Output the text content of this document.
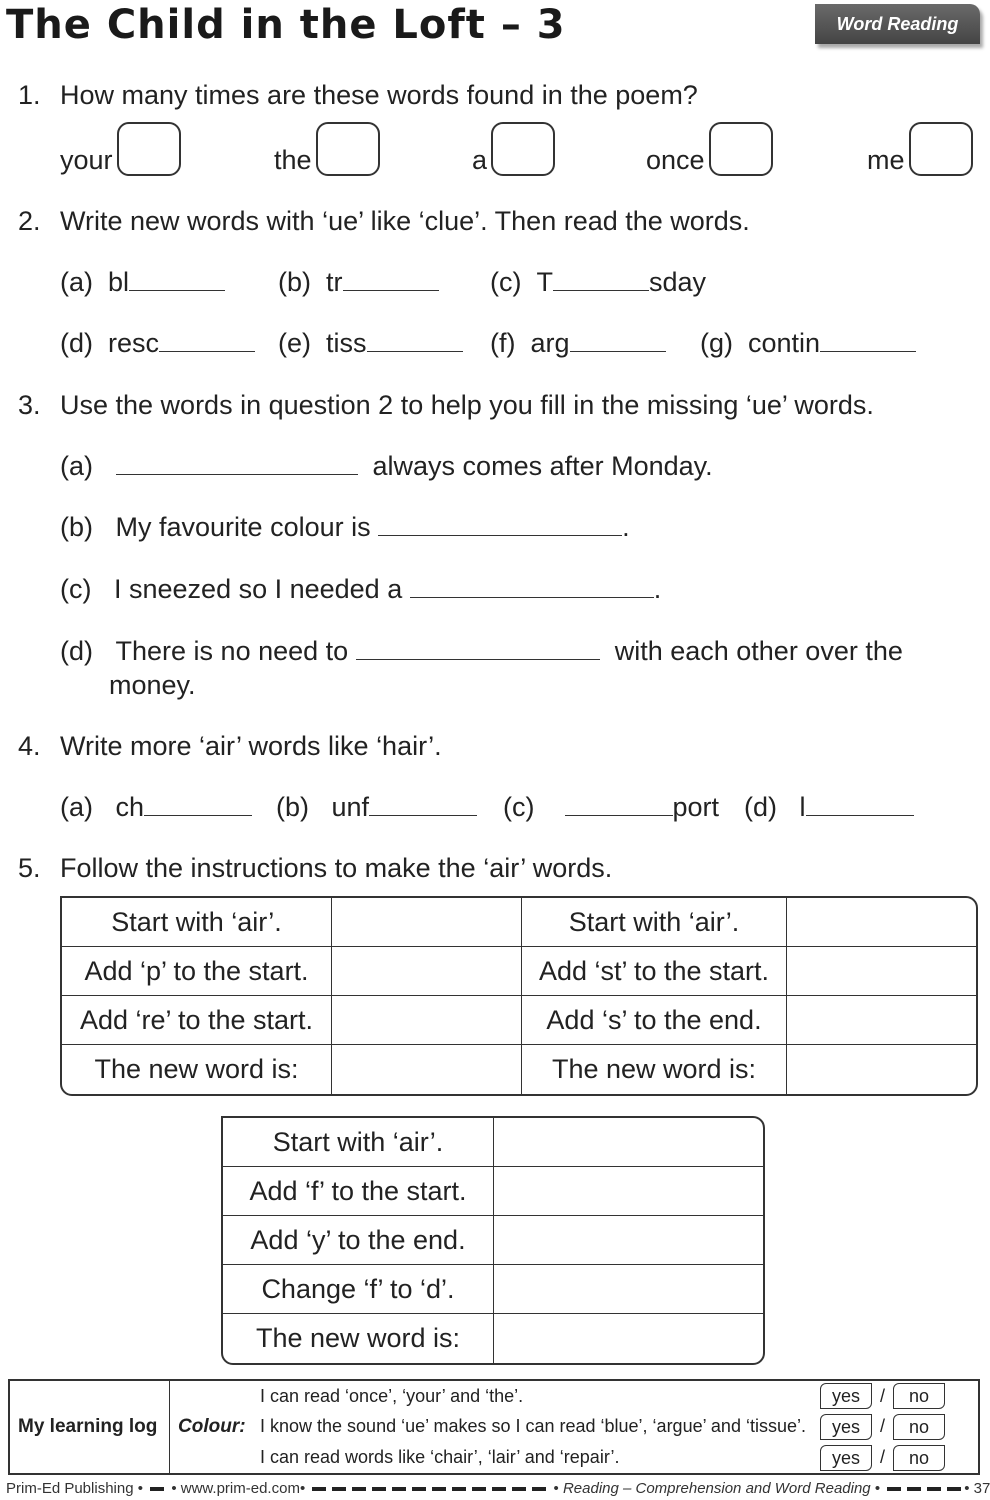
The Child in the Loft – 3	Word Reading
1. How many times are these words found in the poem?
your	the	a	once	me
2. Write new words with ‘ue’ like ‘clue’. Then read the words.
(a) bl	(b) tr	(c) T	sday
(d) resc	(e) tiss	(f) arg	(g) contin
3. Use the words in question 2 to help you fill in the missing ‘ue’ words.
(a)	always comes after Monday.
(b) My favourite colour is	.
(c) I sneezed so I needed a	.
(d) There is no need to	with each other over the
money.
4. Write more ‘air’ words like ‘hair’.
(a) ch	(b) unf	(c)	port (d) l
5. Follow the instructions to make the ‘air’ words.
Start with ‘air’.		Start with ‘air’.	
Add ‘p’ to the start.		Add ‘st’ to the start.	
Add ‘re’ to the start.		Add ‘s’ to the end.	
The new word is:		The new word is:	
Start with ‘air’.	
Add ‘f’ to the start.	
Add ‘y’ to the end.	
Change ‘f’ to ‘d’.	
The new word is:	
My learning log	Colour:
I can read ‘once’, ‘your’ and ‘the’.	yes	/	no
I know the sound ‘ue’ makes so I can read ‘blue’, ‘argue’ and ‘tissue’.	yes	/	no
I can read words like ‘chair’, ‘lair’ and ‘repair’.	yes	/	no
Prim-Ed Publishing •  • www.prim-ed.com•	• Reading – Comprehension and Word Reading •	• 37
